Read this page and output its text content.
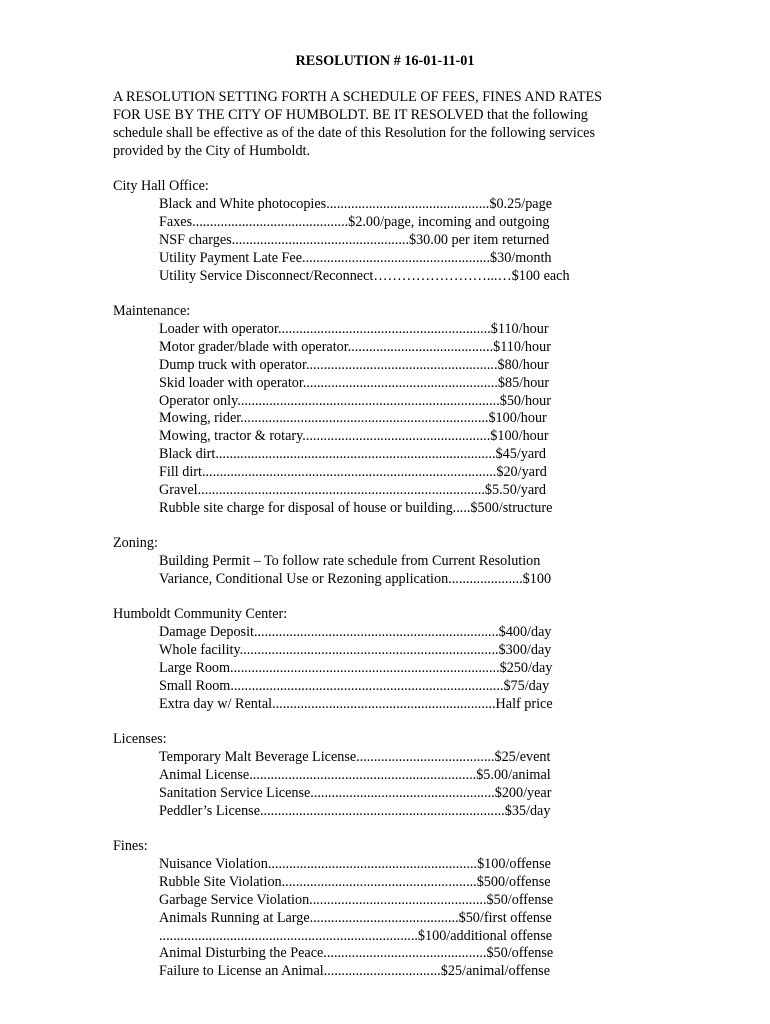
RESOLUTION # 16-01-11-01
A RESOLUTION SETTING FORTH A SCHEDULE OF FEES, FINES AND RATES
FOR USE BY THE CITY OF HUMBOLDT. BE IT RESOLVED that the following
schedule shall be effective as of the date of this Resolution for the following services
provided by the City of Humboldt.
City Hall Office:
Black and White photocopies..............................................$0.25/page
Faxes............................................$2.00/page, incoming and outgoing
NSF charges..................................................$30.00 per item returned
Utility Payment Late Fee.....................................................$30/month
Utility Service Disconnect/Reconnect……………………...…$100 each
Maintenance:
Loader with operator............................................................$110/hour
Motor grader/blade with operator.........................................$110/hour
Dump truck with operator......................................................$80/hour
Skid loader with operator.......................................................$85/hour
Operator only..........................................................................$50/hour
Mowing, rider......................................................................$100/hour
Mowing, tractor & rotary.....................................................$100/hour
Black dirt...............................................................................$45/yard
Fill dirt...................................................................................$20/yard
Gravel.................................................................................$5.50/yard
Rubble site charge for disposal of house or building.....$500/structure
Zoning:
Building Permit – To follow rate schedule from Current Resolution
Variance, Conditional Use or Rezoning application.....................$100
Humboldt Community Center:
Damage Deposit.....................................................................$400/day
Whole facility.........................................................................$300/day
Large Room............................................................................$250/day
Small Room.............................................................................$75/day
Extra day w/ Rental...............................................................Half price
Licenses:
Temporary Malt Beverage License.......................................$25/event
Animal License................................................................$5.00/animal
Sanitation Service License....................................................$200/year
Peddler’s License.....................................................................$35/day
Fines:
Nuisance Violation...........................................................$100/offense
Rubble Site Violation.......................................................$500/offense
Garbage Service Violation..................................................$50/offense
Animals Running at Large..........................................$50/first offense
.........................................................................$100/additional offense
Animal Disturbing the Peace..............................................$50/offense
Failure to License an Animal.................................$25/animal/offense
